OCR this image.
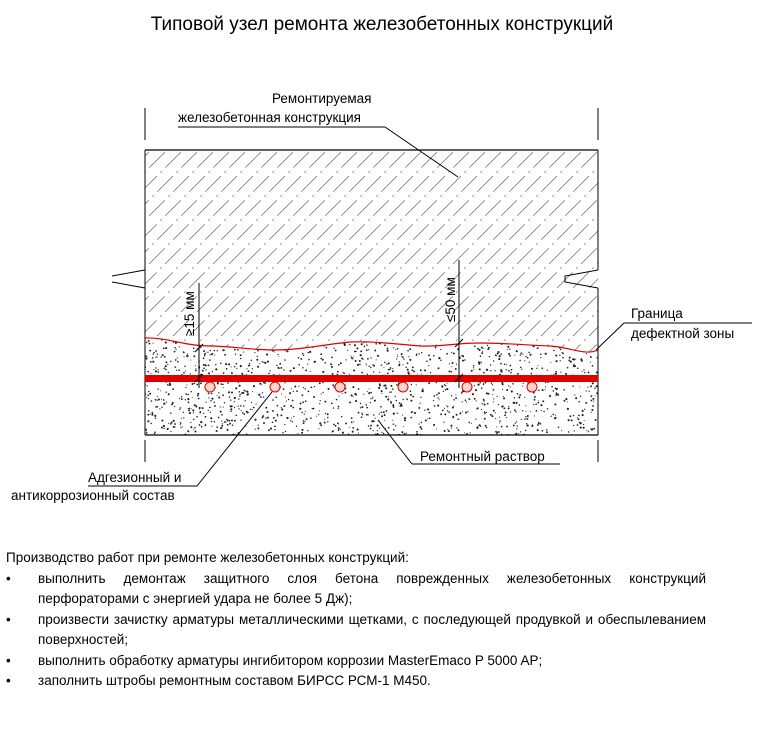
Типовой узел ремонта железобетонных конструкций
≥15 мм	≤50 мм
Ремонтируемая
железобетонная конструкция
Граница
дефектной зоны
Ремонтный раствор
Адгезионный и
антикоррозионный состав

Производство работ при ремонте железобетонных конструкций:

• выполнить демонтаж защитного слоя бетона поврежденных железобетонных конструкций перфораторами с энергией удара не более 5 Дж);
• произвести зачистку арматуры металлическими щетками, с последующей продувкой и обеспылеванием поверхностей;
• выполнить обработку арматуры ингибитором коррозии MasterEmaco P 5000 AP;
• заполнить штробы ремонтным составом БИРСС РСМ-1 М450.
